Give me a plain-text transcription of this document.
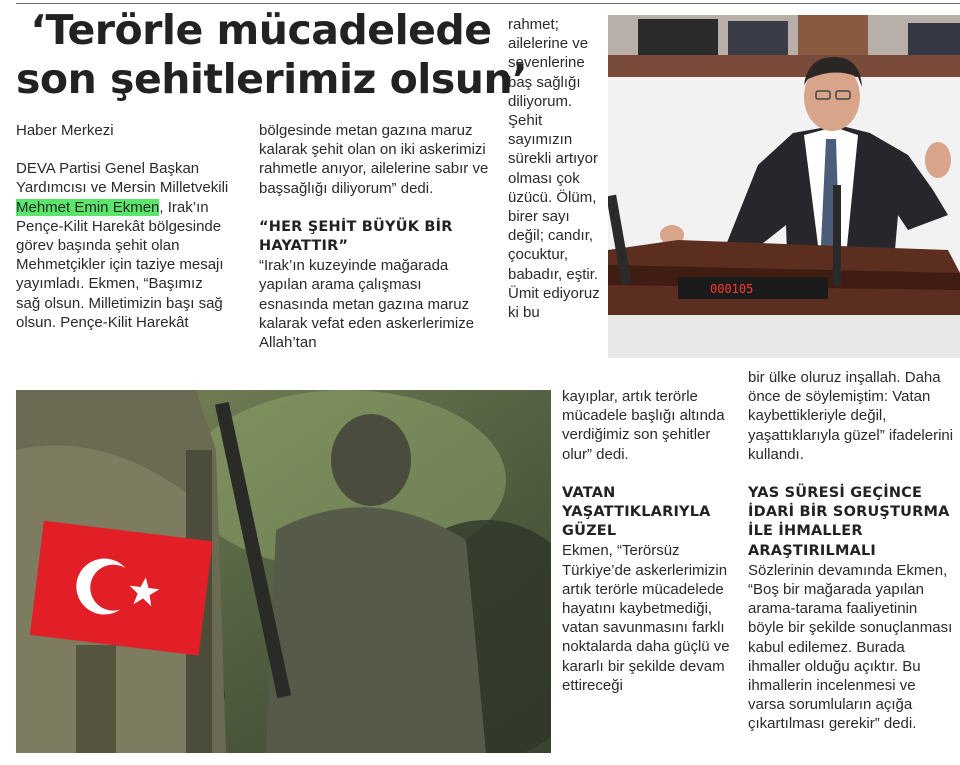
‘Terörle mücadelede
son şehitlerimiz olsun’

Haber Merkezi

DEVA Partisi Genel Başkan Yardımcısı ve Mersin Milletvekili Mehmet Emin Ekmen, Irak’ın Pençe-Kilit Harekât bölgesinde görev başında şehit olan Mehmetçikler için taziye mesajı yayımladı. Ekmen, “Başımız sağ olsun. Milletimizin başı sağ olsun. Pençe-Kilit Harekât

bölgesinde metan gazına maruz kalarak şehit olan on iki askerimizi rahmetle anıyor, ailelerine sabır ve başsağlığı diliyorum” dedi.

“HER ŞEHİT BÜYÜK BİR HAYATTIR”

“Irak’ın kuzeyinde mağarada yapılan arama çalışması esnasında metan gazına maruz kalarak vefat eden askerlerimize Allah’tan

rahmet; ailelerine ve sevenlerine baş sağlığı diliyorum. Şehit sayımızın sürekli artıyor olması çok üzücü. Ölüm, birer sayı değil; candır, çocuktur, babadır, eştir. Ümit ediyoruz ki bu

kayıplar, artık terörle mücadele başlığı altında verdiğimiz son şehitler olur” dedi.

VATAN YAŞATTIKLARIYLA GÜZEL

Ekmen, “Terörsüz Türkiye’de askerlerimizin artık terörle mücadelede hayatını kaybetmediği, vatan savunmasını farklı noktalarda daha güçlü ve kararlı bir şekilde devam ettireceği

bir ülke oluruz inşallah. Daha önce de söylemiştim: Vatan kaybettikleriyle değil, yaşattıklarıyla güzel” ifadelerini kullandı.

YAS SÜRESİ GEÇİNCE İDARİ BİR SORUŞTURMA İLE İHMALLER ARAŞTIRILMALI

Sözlerinin devamında Ekmen, “Boş bir mağarada yapılan arama-tarama faaliyetinin böyle bir şekilde sonuçlanması kabul edilemez. Burada ihmaller olduğu açıktır. Bu ihmallerin incelenmesi ve varsa sorumluların açığa çıkartılması gerekir” dedi.

000105
